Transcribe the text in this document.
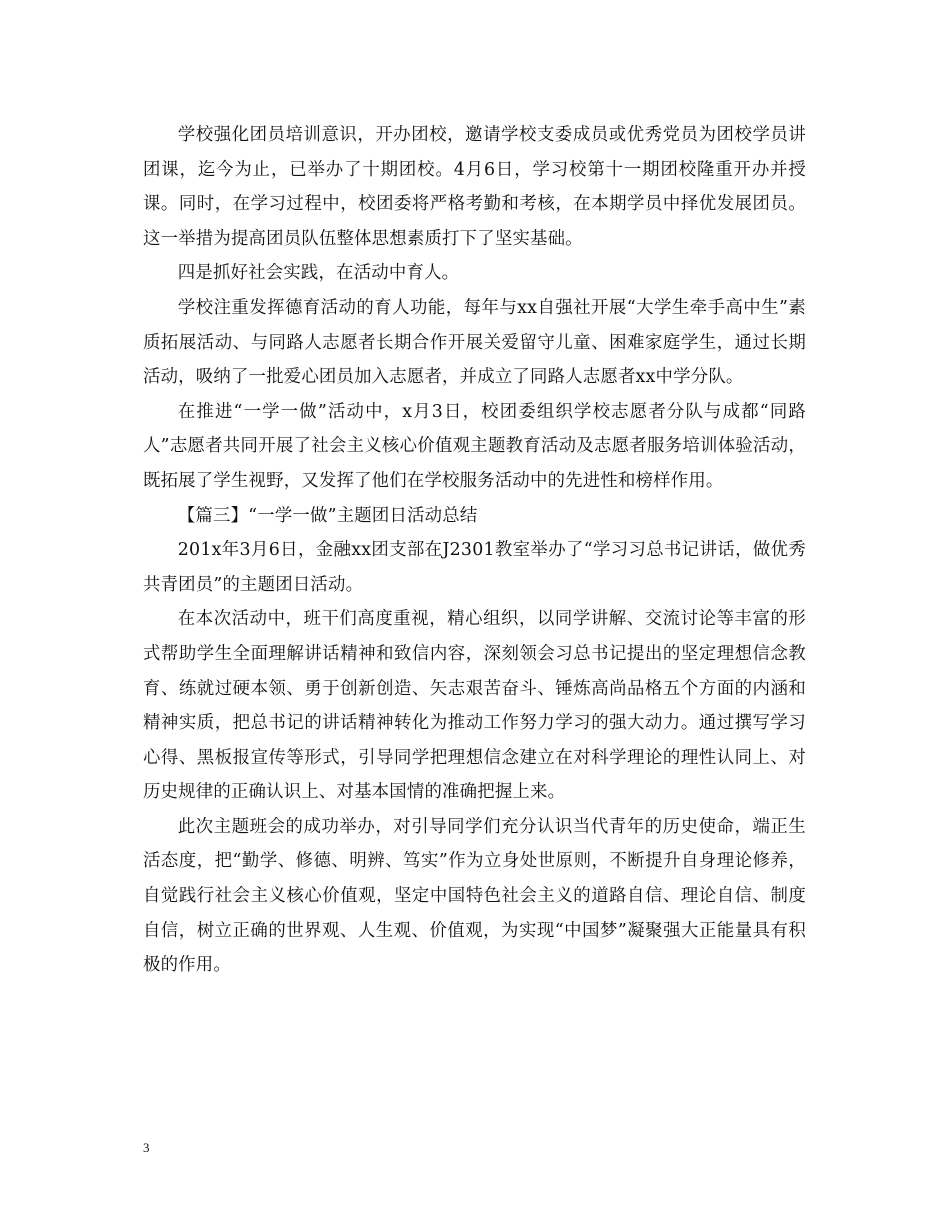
学校强化团员培训意识，开办团校，邀请学校支委成员或优秀党员为团校学员讲团课，迄今为止，已举办了十期团校。4月6日，学习校第十一期团校隆重开办并授课。同时，在学习过程中，校团委将严格考勤和考核，在本期学员中择优发展团员。这一举措为提高团员队伍整体思想素质打下了坚实基础。

四是抓好社会实践，在活动中育人。

学校注重发挥德育活动的育人功能，每年与xx自强社开展“大学生牵手高中生”素质拓展活动、与同路人志愿者长期合作开展关爱留守儿童、困难家庭学生，通过长期活动，吸纳了一批爱心团员加入志愿者，并成立了同路人志愿者xx中学分队。

在推进“一学一做”活动中，x月3日，校团委组织学校志愿者分队与成都“同路人”志愿者共同开展了社会主义核心价值观主题教育活动及志愿者服务培训体验活动，既拓展了学生视野，又发挥了他们在学校服务活动中的先进性和榜样作用。

【篇三】“一学一做”主题团日活动总结

201x年3月6日，金融xx团支部在J2301教室举办了“学习习总书记讲话，做优秀共青团员”的主题团日活动。

在本次活动中，班干们高度重视，精心组织，以同学讲解、交流讨论等丰富的形式帮助学生全面理解讲话精神和致信内容，深刻领会习总书记提出的坚定理想信念教育、练就过硬本领、勇于创新创造、矢志艰苦奋斗、锤炼高尚品格五个方面的内涵和精神实质，把总书记的讲话精神转化为推动工作努力学习的强大动力。通过撰写学习心得、黑板报宣传等形式，引导同学把理想信念建立在对科学理论的理性认同上、对历史规律的正确认识上、对基本国情的准确把握上来。

此次主题班会的成功举办，对引导同学们充分认识当代青年的历史使命，端正生活态度，把“勤学、修德、明辨、笃实”作为立身处世原则，不断提升自身理论修养，自觉践行社会主义核心价值观，坚定中国特色社会主义的道路自信、理论自信、制度自信，树立正确的世界观、人生观、价值观，为实现“中国梦”凝聚强大正能量具有积极的作用。

3
